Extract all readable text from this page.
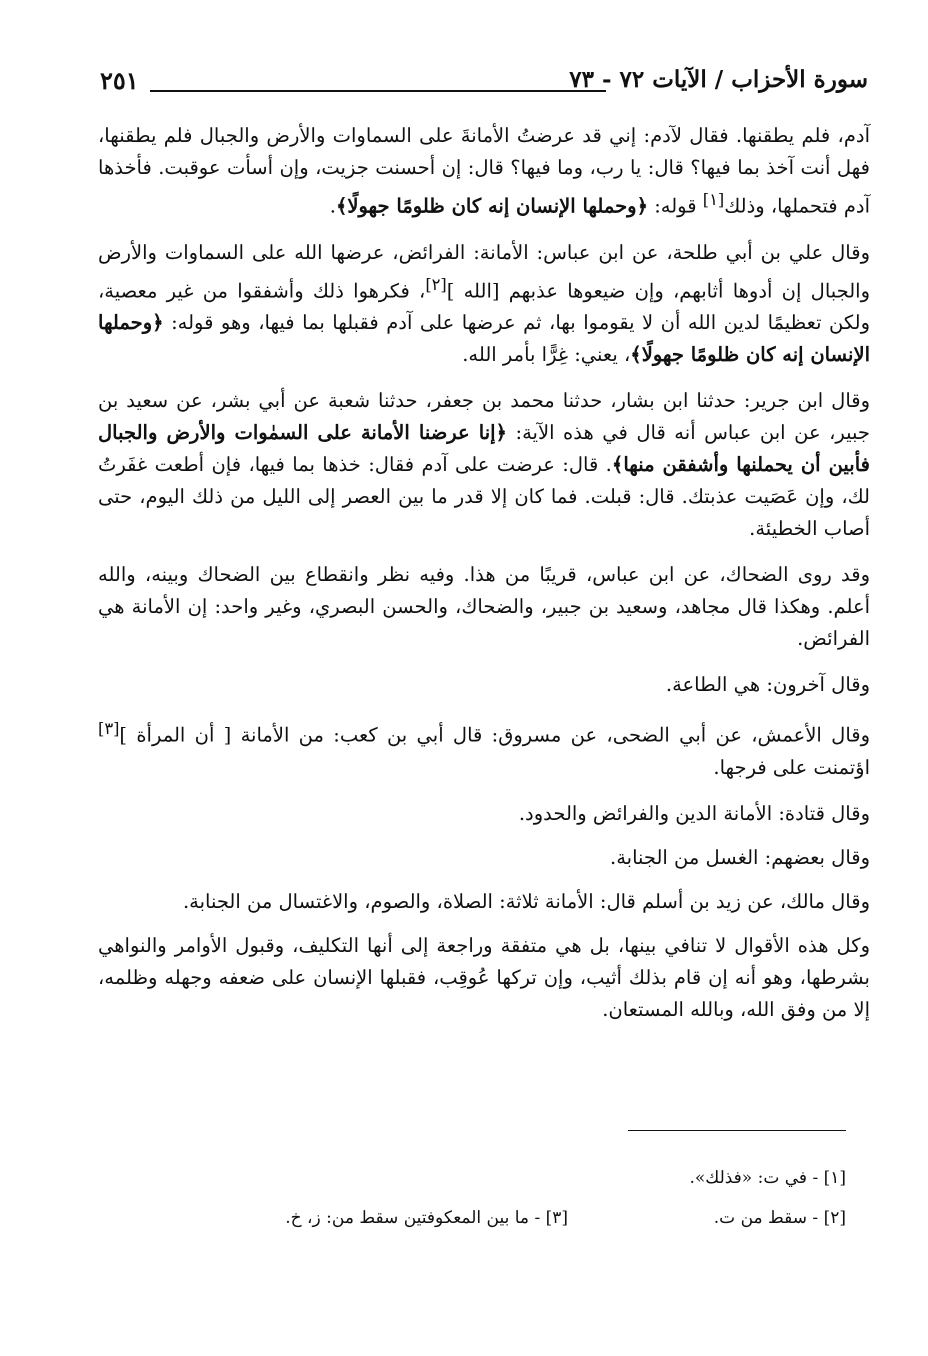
٢٥١	سورة الأحزاب / الآيات ٧٢ - ٧٣

آدم، فلم يطقنها. فقال لآدم: إني قد عرضتُ الأمانةَ على السماوات والأرض والجبال فلم يطقنها، فهل أنت آخذ بما فيها؟ قال: يا رب، وما فيها؟ قال: إن أحسنت جزيت، وإن أسأت عوقبت. فأخذها آدم فتحملها، وذلك[١] قوله: ﴿وحملها الإنسان إنه كان ظلومًا جهولًا﴾.

وقال علي بن أبي طلحة، عن ابن عباس: الأمانة: الفرائض، عرضها الله على السماوات والأرض والجبال إن أدوها أثابهم، وإن ضيعوها عذبهم [الله ][٢]، فكرهوا ذلك وأشفقوا من غير معصية، ولكن تعظيمًا لدين الله أن لا يقوموا بها، ثم عرضها على آدم فقبلها بما فيها، وهو قوله: ﴿وحملها الإنسان إنه كان ظلومًا جهولًا﴾، يعني: غِرًّا بأمر الله.

وقال ابن جرير: حدثنا ابن بشار، حدثنا محمد بن جعفر، حدثنا شعبة عن أبي بشر، عن سعيد بن جبير، عن ابن عباس أنه قال في هذه الآية: ﴿إنا عرضنا الأمانة على السمٰوات والأرض والجبال فأبين أن يحملنها وأشفقن منها﴾. قال: عرضت على آدم فقال: خذها بما فيها، فإن أطعت غفَرتُ لك، وإن عَصَيت عذبتك. قال: قبلت. فما كان إلا قدر ما بين العصر إلى الليل من ذلك اليوم، حتى أصاب الخطيئة.

وقد روى الضحاك، عن ابن عباس، قريبًا من هذا. وفيه نظر وانقطاع بين الضحاك وبينه، والله أعلم. وهكذا قال مجاهد، وسعيد بن جبير، والضحاك، والحسن البصري، وغير واحد: إن الأمانة هي الفرائض.

وقال آخرون: هي الطاعة.

وقال الأعمش، عن أبي الضحى، عن مسروق: قال أبي بن كعب: من الأمانة [ أن المرأة ][٣] اؤتمنت على فرجها.

وقال قتادة: الأمانة الدين والفرائض والحدود.

وقال بعضهم: الغسل من الجنابة.

وقال مالك، عن زيد بن أسلم قال: الأمانة ثلاثة: الصلاة، والصوم، والاغتسال من الجنابة.

وكل هذه الأقوال لا تنافي بينها، بل هي متفقة وراجعة إلى أنها التكليف، وقبول الأوامر والنواهي بشرطها، وهو أنه إن قام بذلك أثيب، وإن تركها عُوقِب، فقبلها الإنسان على ضعفه وجهله وظلمه، إلا من وفق الله، وبالله المستعان.

[١] - في ت: «فذلك».
[٢] - سقط من ت.
[٣] - ما بين المعكوفتين سقط من: ز، خ.
